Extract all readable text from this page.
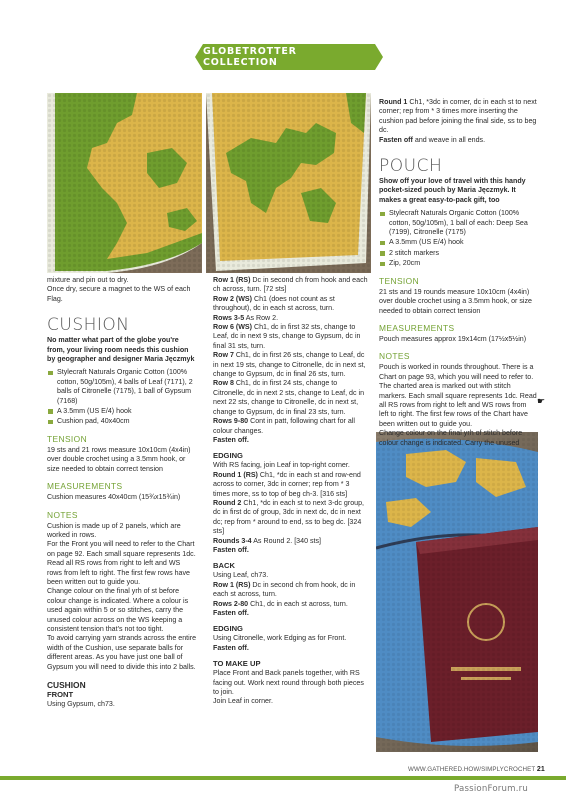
GLOBETROTTER COLLECTION

mixture and pin out to dry.

Once dry, secure a magnet to the WS of each Flag.

CUSHION

No matter what part of the globe you're from, your living room needs this cushion by geographer and designer Maria Jęczmyk

Stylecraft Naturals Organic Cotton (100% cotton, 50g/105m), 4 balls of Leaf (7171), 2 balls of Citronelle (7175), 1 ball of Gypsum (7168)
A 3.5mm (US E/4) hook
Cushion pad, 40x40cm
TENSION

19 sts and 21 rows measure 10x10cm (4x4in) over double crochet using a 3.5mm hook, or size needed to obtain correct tension

MEASUREMENTS

Cushion measures 40x40cm (15¾x15¾in)

NOTES

Cushion is made up of 2 panels, which are worked in rows.

For the Front you will need to refer to the Chart on page 92. Each small square represents 1dc. Read all RS rows from right to left and WS rows from left to right. The first few rows have been written out to guide you.

Change colour on the final yrh of st before colour change is indicated. Where a colour is used again within 5 or so stitches, carry the unused colour across on the WS keeping a consistent tension that's not too tight.

To avoid carrying yarn strands across the entire width of the Cushion, use separate balls for different areas. As you have just one ball of Gypsum you will need to divide this into 2 balls.

CUSHION
FRONT

Using Gypsum, ch73.

Row 1 (RS) Dc in second ch from hook and each ch across, turn. [72 sts]

Row 2 (WS) Ch1 (does not count as st throughout), dc in each st across, turn.

Rows 3-5 As Row 2.

Row 6 (WS) Ch1, dc in first 32 sts, change to Leaf, dc in next 9 sts, change to Gypsum, dc in final 31 sts, turn.

Row 7 Ch1, dc in first 26 sts, change to Leaf, dc in next 19 sts, change to Citronelle, dc in next st, change to Gypsum, dc in final 26 sts, turn.

Row 8 Ch1, dc in first 24 sts, change to Citronelle, dc in next 2 sts, change to Leaf, dc in next 22 sts, change to Citronelle, dc in next st, change to Gypsum, dc in final 23 sts, turn.

Rows 9-80 Cont in patt, following chart for all colour changes.

Fasten off.

EDGING

With RS facing, join Leaf in top-right corner.

Round 1 (RS) Ch1, *dc in each st and row-end across to corner, 3dc in corner; rep from * 3 times more, ss to top of beg ch-3. [316 sts]

Round 2 Ch1, *dc in each st to next 3-dc group, dc in first dc of group, 3dc in next dc, dc in next dc; rep from * around to end, ss to beg dc. [324 sts]

Rounds 3-4 As Round 2. [340 sts]

Fasten off.

BACK

Using Leaf, ch73.

Row 1 (RS) Dc in second ch from hook, dc in each st across, turn.

Rows 2-80 Ch1, dc in each st across, turn.

Fasten off.

EDGING

Using Citronelle, work Edging as for Front.

Fasten off.

TO MAKE UP

Place Front and Back panels together, with RS facing out. Work next round through both pieces to join.

Join Leaf in corner.

Round 1 Ch1, *3dc in corner, dc in each st to next corner; rep from * 3 times more inserting the cushion pad before joining the final side, ss to beg dc.

Fasten off and weave in all ends.

POUCH

Show off your love of travel with this handy pocket-sized pouch by Maria Jęczmyk. It makes a great easy-to-pack gift, too

Stylecraft Naturals Organic Cotton (100% cotton, 50g/105m), 1 ball of each: Deep Sea (7199), Citronelle (7175)
A 3.5mm (US E/4) hook
2 stitch markers
Zip, 20cm
TENSION

21 sts and 19 rounds measure 10x10cm (4x4in) over double crochet using a 3.5mm hook, or size needed to obtain correct tension

MEASUREMENTS

Pouch measures approx 19x14cm (17½x5½in)

NOTES

Pouch is worked in rounds throughout. There is a Chart on page 93, which you will need to refer to. The charted area is marked out with stitch markers. Each small square represents 1dc. Read all RS rows from right to left and WS rows from left to right. The first few rows of the Chart have been written out to guide you.

Change colour on the final yrh of stitch before colour change is indicated. Carry the unused

☛
WWW.GATHERED.HOW/SIMPLYCROCHET 21
PassionForum.ru
